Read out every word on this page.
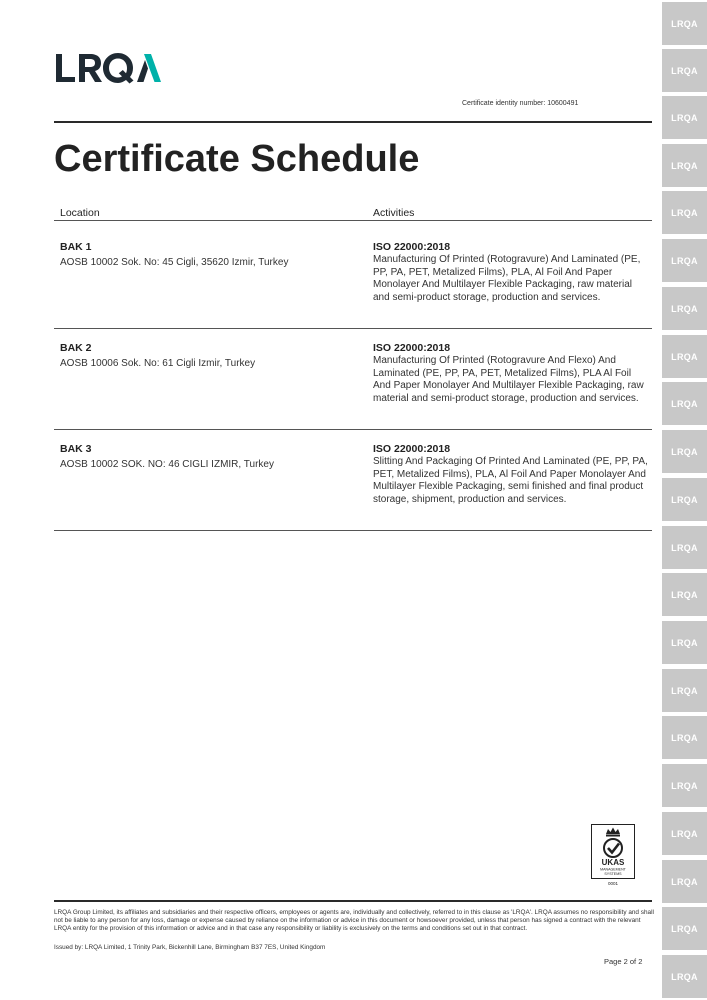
LRQA
LRQA
LRQA
LRQA
LRQA
LRQA
LRQA
LRQA
LRQA
LRQA
LRQA
LRQA
LRQA
LRQA
LRQA
LRQA
LRQA
LRQA
LRQA
LRQA
LRQA
Certificate identity number: 10600491
Certificate Schedule
Location	Activities
BAK 1
AOSB 10002 Sok. No: 45 Cigli, 35620 Izmir, Turkey
ISO 22000:2018
Manufacturing Of Printed (Rotogravure) And Laminated (PE, PP, PA, PET, Metalized Films), PLA, Al Foil And Paper Monolayer And Multilayer Flexible Packaging, raw material and semi-product storage, production and services.
BAK 2
AOSB 10006 Sok. No: 61 Cigli Izmir, Turkey
ISO 22000:2018
Manufacturing Of Printed (Rotogravure And Flexo) And Laminated (PE, PP, PA, PET, Metalized Films), PLA Al Foil And Paper Monolayer And Multilayer Flexible Packaging, raw material and semi-product storage, production and services.
BAK 3
AOSB 10002 SOK. NO: 46 CIGLI IZMIR, Turkey
ISO 22000:2018
Slitting And Packaging Of Printed And Laminated (PE, PP, PA, PET, Metalized Films), PLA, Al Foil And Paper Monolayer And Multilayer Flexible Packaging, semi finished and final product storage, shipment, production and services.
UKAS
MANAGEMENT
SYSTEMS
0001
LRQA Group Limited, its affiliates and subsidiaries and their respective officers, employees or agents are, individually and collectively, referred to in this clause as 'LRQA'. LRQA assumes no responsibility and shall not be liable to any person for any loss, damage or expense caused by reliance on the information or advice in this document or howsoever provided, unless that person has signed a contract with the relevant LRQA entity for the provision of this information or advice and in that case any responsibility or liability is exclusively on the terms and conditions set out in that contract.
Issued by: LRQA Limited, 1 Trinity Park, Bickenhill Lane, Birmingham B37 7ES, United Kingdom
Page 2 of 2
